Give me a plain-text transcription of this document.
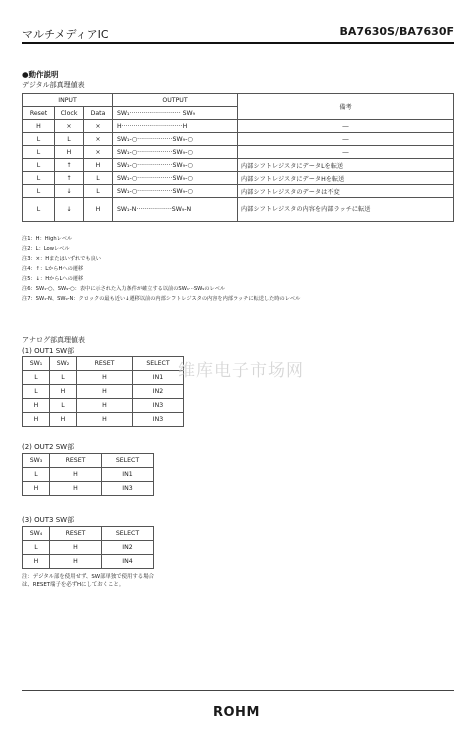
マルチメディアIC	BA7630S/BA7630F
●動作説明
デジタル部真理値表
INPUT			OUTPUT	備考
Reset	Clock	Data	SW₁·························· SW₉	
H	×	×	H·······························H	―
L	L	×	SW₁-○··················SW₉-○	―
L	H	×	SW₁-○··················SW₉-○	―
L	↑	H	SW₁-○··················SW₉-○	内部シフトレジスタにデータLを転送
L	↑	L	SW₁-○··················SW₉-○	内部シフトレジスタにデータHを転送
L	↓	L	SW₁-○··················SW₉-○	内部シフトレジスタのデータは不変
L	↓	H	SW₁-N··················SW₉-N	内部シフトレジスタの内容を内部ラッチに転送
注1：H：Highレベル
注2：L：Lowレベル
注3：×：Hまたはいずれでも良い
注4：↑：LからHへの遷移
注5：↓：HからLへの遷移
注6：SW₁-○、SW₉-○：表中に示された入力条件が確立する以前のSW₁···SW₉のレベル
注7：SW₁-N、SW₉-N：クロックの最も近い↓遷移以前の内部シフトレジスタの内容を内部ラッチに転送した時のレベル
アナログ部真理値表
(1) OUT1 SW部
SW₁	SW₂	RESET	SELECT
L	L	H	IN1
L	H	H	IN2
H	L	H	IN3
H	H	H	IN3
(2) OUT2 SW部
SW₃	RESET	SELECT
L	H	IN1
H	H	IN3
(3) OUT3 SW部
SW₄	RESET	SELECT
L	H	IN2
H	H	IN4
注：デジタル部を使用せず、SW部単独で使用する場合は、RESET端子を必ずHにしておくこと。
维库电子市场网
ROHM
